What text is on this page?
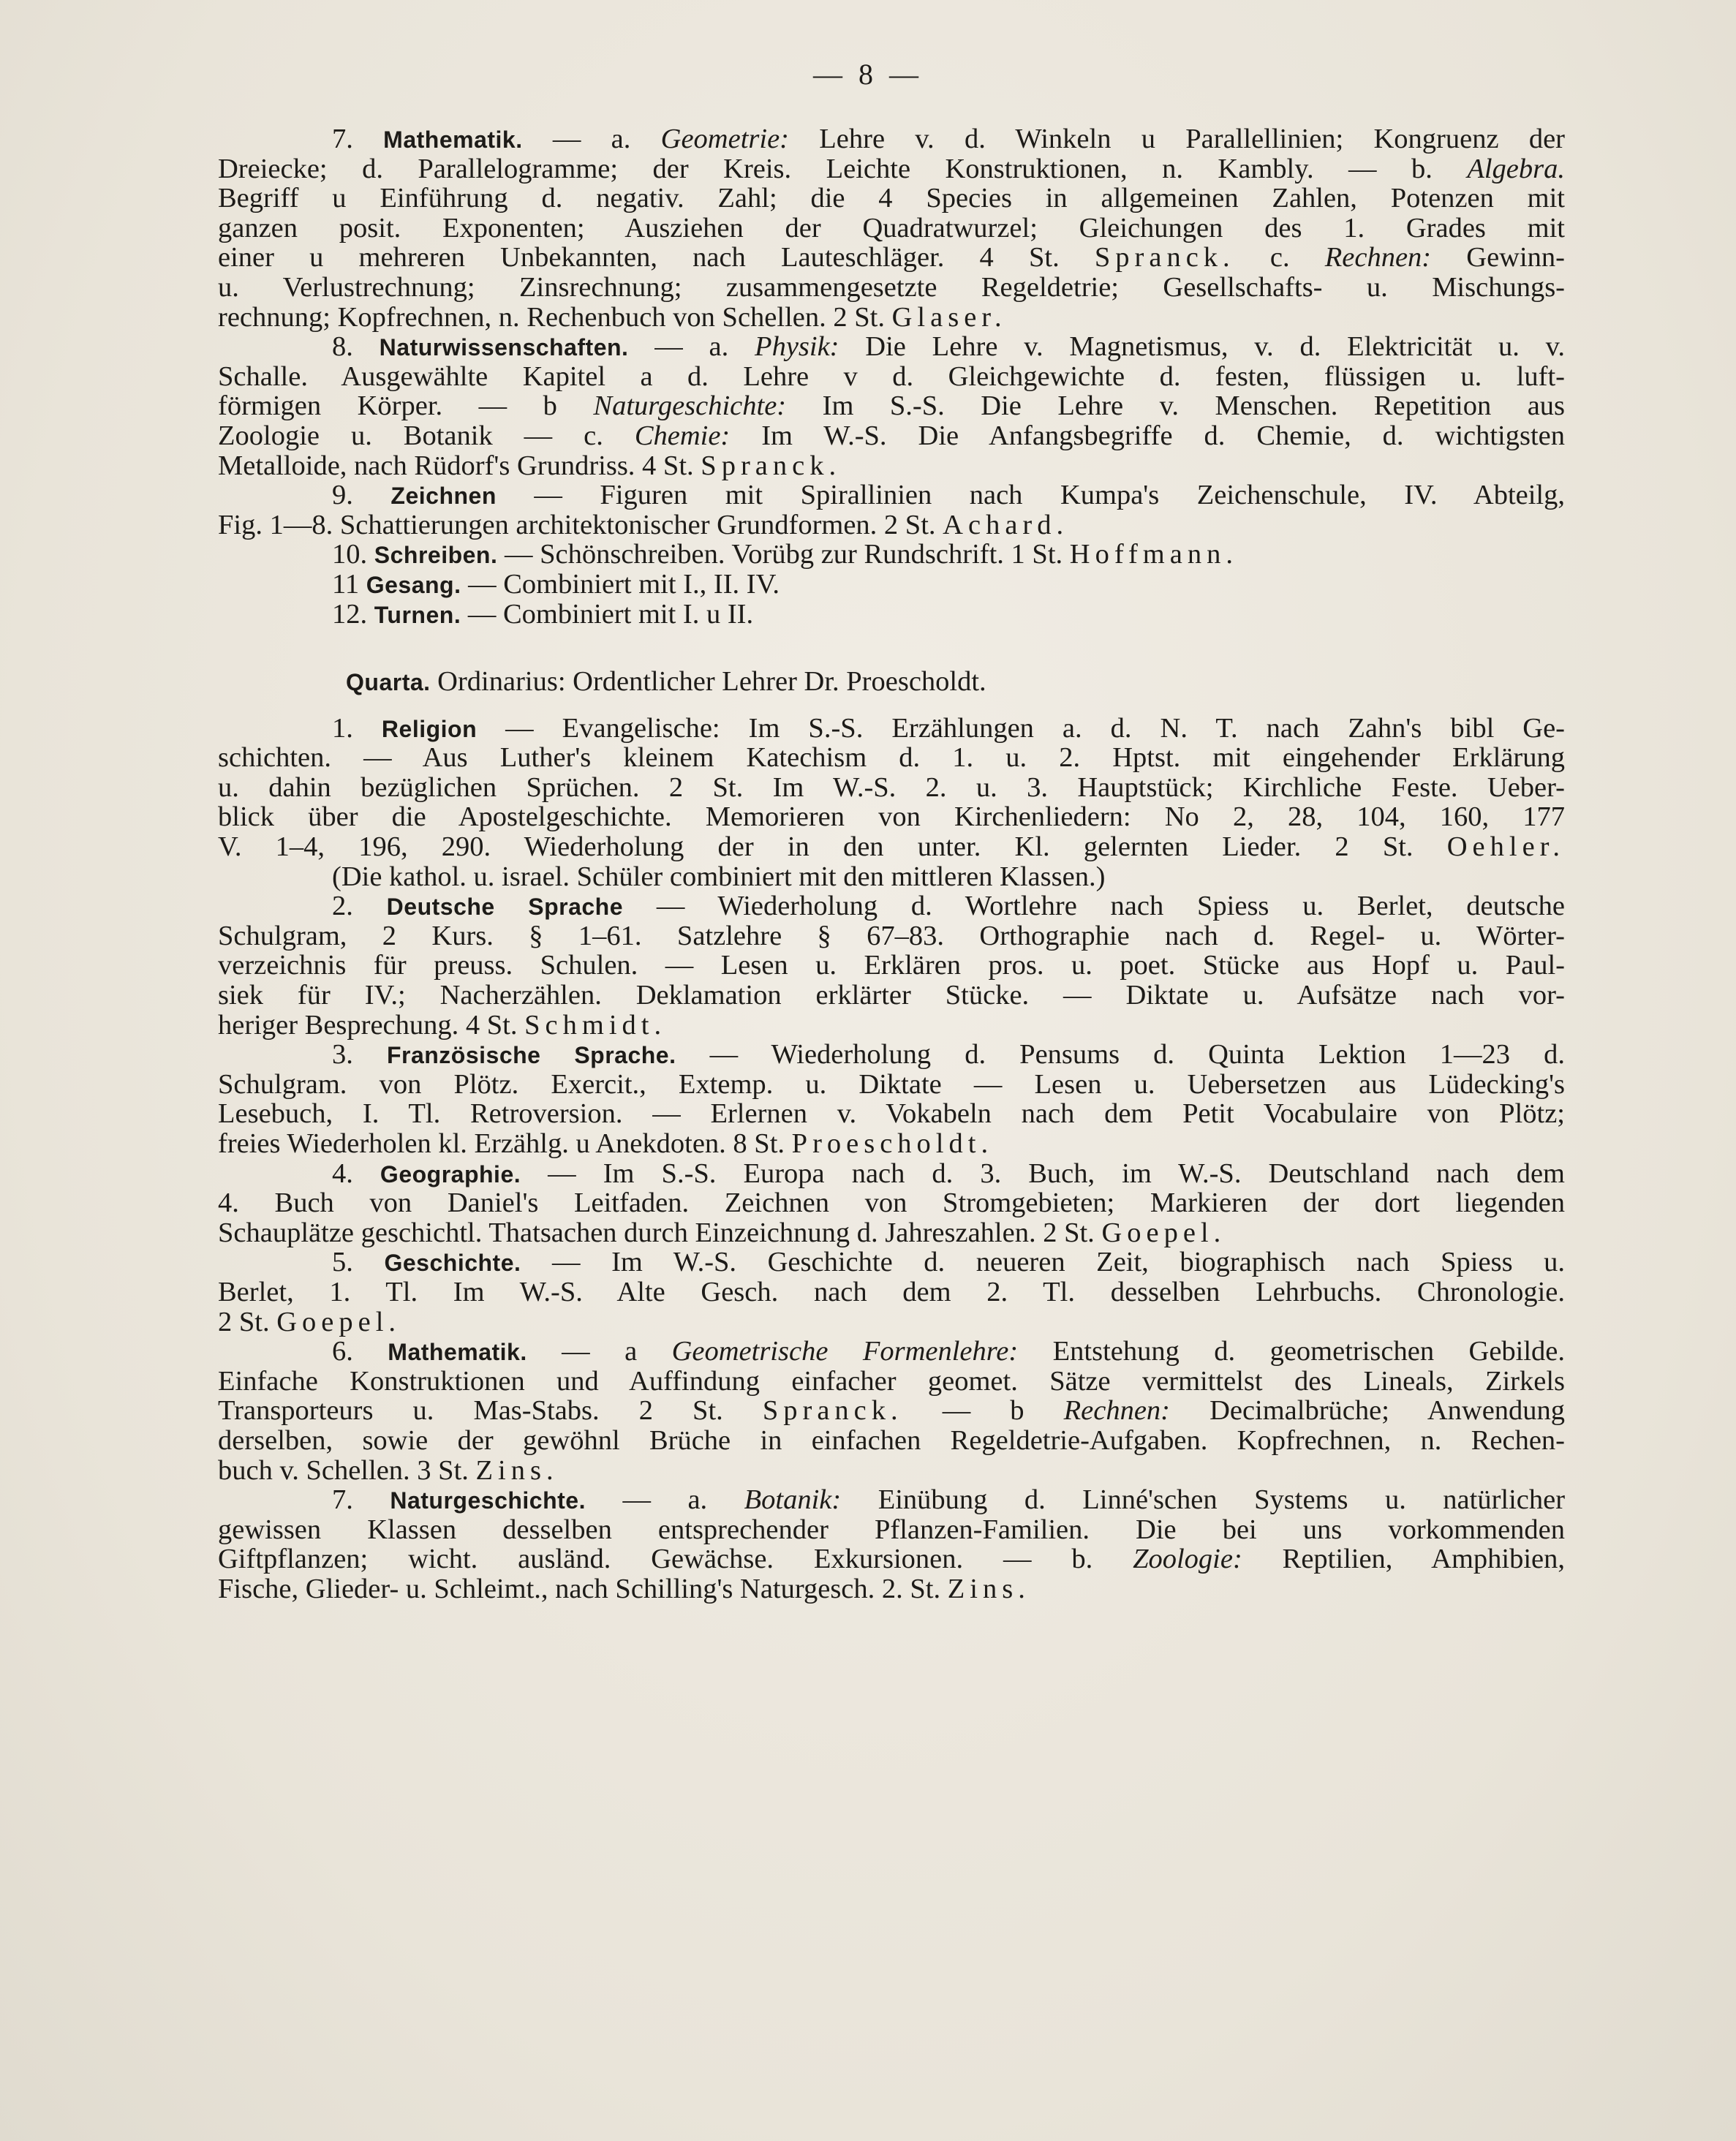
— 8 —
7. Mathematik. — a. Geometrie: Lehre v. d. Winkeln u Parallellinien; Kongruenz der
Dreiecke; d. Parallelogramme; der Kreis. Leichte Konstruktionen, n. Kambly. — b. Algebra.
Begriff u Einführung d. negativ. Zahl; die 4 Species in allgemeinen Zahlen, Potenzen mit
ganzen posit. Exponenten; Ausziehen der Quadratwurzel; Gleichungen des 1. Grades mit
einer u mehreren Unbekannten, nach Lauteschläger. 4 St. Spranck. c. Rechnen: Gewinn-
u. Verlustrechnung; Zinsrechnung; zusammengesetzte Regeldetrie; Gesellschafts- u. Mischungs-
rechnung; Kopfrechnen, n. Rechenbuch von Schellen. 2 St. Glaser.
8. Naturwissenschaften. — a. Physik: Die Lehre v. Magnetismus, v. d. Elektricität u. v.
Schalle. Ausgewählte Kapitel a d. Lehre v d. Gleichgewichte d. festen, flüssigen u. luft-
förmigen Körper. — b Naturgeschichte: Im S.-S. Die Lehre v. Menschen. Repetition aus
Zoologie u. Botanik — c. Chemie: Im W.-S. Die Anfangsbegriffe d. Chemie, d. wichtigsten
Metalloide, nach Rüdorf's Grundriss. 4 St. Spranck.
9. Zeichnen — Figuren mit Spirallinien nach Kumpa's Zeichenschule, IV. Abteilg,
Fig. 1—8. Schattierungen architektonischer Grundformen. 2 St. Achard.
10. Schreiben. — Schönschreiben. Vorübg zur Rundschrift. 1 St. Hoffmann.
11 Gesang. — Combiniert mit I., II. IV.
12. Turnen. — Combiniert mit I. u II.
Quarta. Ordinarius: Ordentlicher Lehrer Dr. Proescholdt.
1. Religion — Evangelische: Im S.-S. Erzählungen a. d. N. T. nach Zahn's bibl Ge-
schichten. — Aus Luther's kleinem Katechism d. 1. u. 2. Hptst. mit eingehender Erklärung
u. dahin bezüglichen Sprüchen. 2 St. Im W.-S. 2. u. 3. Hauptstück; Kirchliche Feste. Ueber-
blick über die Apostelgeschichte. Memorieren von Kirchenliedern: No 2, 28, 104, 160, 177
V. 1–4, 196, 290. Wiederholung der in den unter. Kl. gelernten Lieder. 2 St. Oehler.
(Die kathol. u. israel. Schüler combiniert mit den mittleren Klassen.)
2. Deutsche Sprache — Wiederholung d. Wortlehre nach Spiess u. Berlet, deutsche
Schulgram, 2 Kurs. § 1–61. Satzlehre § 67–83. Orthographie nach d. Regel- u. Wörter-
verzeichnis für preuss. Schulen. — Lesen u. Erklären pros. u. poet. Stücke aus Hopf u. Paul-
siek für IV.; Nacherzählen. Deklamation erklärter Stücke. — Diktate u. Aufsätze nach vor-
heriger Besprechung. 4 St. Schmidt.
3. Französische Sprache. — Wiederholung d. Pensums d. Quinta Lektion 1—23 d.
Schulgram. von Plötz. Exercit., Extemp. u. Diktate — Lesen u. Uebersetzen aus Lüdecking's
Lesebuch, I. Tl. Retroversion. — Erlernen v. Vokabeln nach dem Petit Vocabulaire von Plötz;
freies Wiederholen kl. Erzählg. u Anekdoten. 8 St. Proescholdt.
4. Geographie. — Im S.-S. Europa nach d. 3. Buch, im W.-S. Deutschland nach dem
4. Buch von Daniel's Leitfaden. Zeichnen von Stromgebieten; Markieren der dort liegenden
Schauplätze geschichtl. Thatsachen durch Einzeichnung d. Jahreszahlen. 2 St. Goepel.
5. Geschichte. — Im W.-S. Geschichte d. neueren Zeit, biographisch nach Spiess u.
Berlet, 1. Tl. Im W.-S. Alte Gesch. nach dem 2. Tl. desselben Lehrbuchs. Chronologie.
2 St. Goepel.
6. Mathematik. — a Geometrische Formenlehre: Entstehung d. geometrischen Gebilde.
Einfache Konstruktionen und Auffindung einfacher geomet. Sätze vermittelst des Lineals, Zirkels
Transporteurs u. Mas-Stabs. 2 St. Spranck. — b Rechnen: Decimalbrüche; Anwendung
derselben, sowie der gewöhnl Brüche in einfachen Regeldetrie-Aufgaben. Kopfrechnen, n. Rechen-
buch v. Schellen. 3 St. Zins.
7. Naturgeschichte. — a. Botanik: Einübung d. Linné'schen Systems u. natürlicher
gewissen Klassen desselben entsprechender Pflanzen-Familien. Die bei uns vorkommenden
Giftpflanzen; wicht. ausländ. Gewächse. Exkursionen. — b. Zoologie: Reptilien, Amphibien,
Fische, Glieder- u. Schleimt., nach Schilling's Naturgesch. 2. St. Zins.
